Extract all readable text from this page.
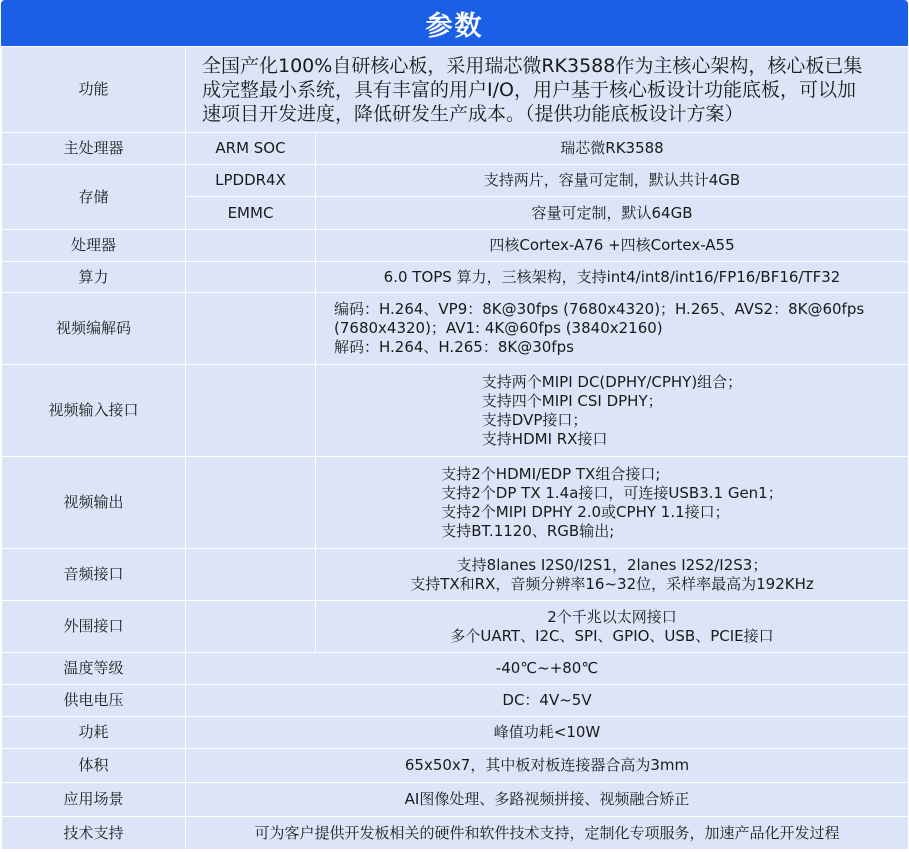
参数
功能	全国产化100%自研核心板，采用瑞芯微RK3588作为主核心架构，核心板已集
成完整最小系统，具有丰富的用户I/O，用户基于核心板设计功能底板，可以加
速项目开发进度，降低研发生产成本。（提供功能底板设计方案）	

主处理器	ARM SOC	瑞芯微RK3588
存储	LPDDR4X	支持两片，容量可定制，默认共计4GB
	EMMC	容量可定制，默认64GB
处理器		四核Cortex-A76 +四核Cortex-A55
算力		6.0 TOPS 算力，三核架构，支持int4/int8/int16/FP16/BF16/TF32
视频编解码		编码：H.264、VP9：8K@30fps (7680x4320)；H.265、AVS2：8K@60fps
(7680x4320)；AV1: 4K@60fps (3840x2160)
解码：H.264、H.265：8K@30fps

视频输入接口		支持两个MIPI DC(DPHY/CPHY)组合；
支持四个MIPI CSI DPHY；
支持DVP接口；
支持HDMI RX接口

视频输出		支持2个HDMI/EDP TX组合接口;
支持2个DP TX 1.4a接口，可连接USB3.1 Gen1；
支持2个MIPI DPHY 2.0或CPHY 1.1接口；
支持BT.1120、RGB输出;

音频接口		支持8lanes I2S0/I2S1，2lanes I2S2/I2S3；
支持TX和RX，音频分辨率16~32位，采样率最高为192KHz

外围接口		2个千兆以太网接口
多个UART、I2C、SPI、GPIO、USB、PCIE接口

温度等级	-40℃~+80℃	
供电电压	DC：4V~5V	
功耗	峰值功耗<10W	
体积	65x50x7，其中板对板连接器合高为3mm	
应用场景	AI图像处理、多路视频拼接、视频融合矫正	
技术支持	可为客户提供开发板相关的硬件和软件技术支持，定制化专项服务，加速产品化开发过程	
